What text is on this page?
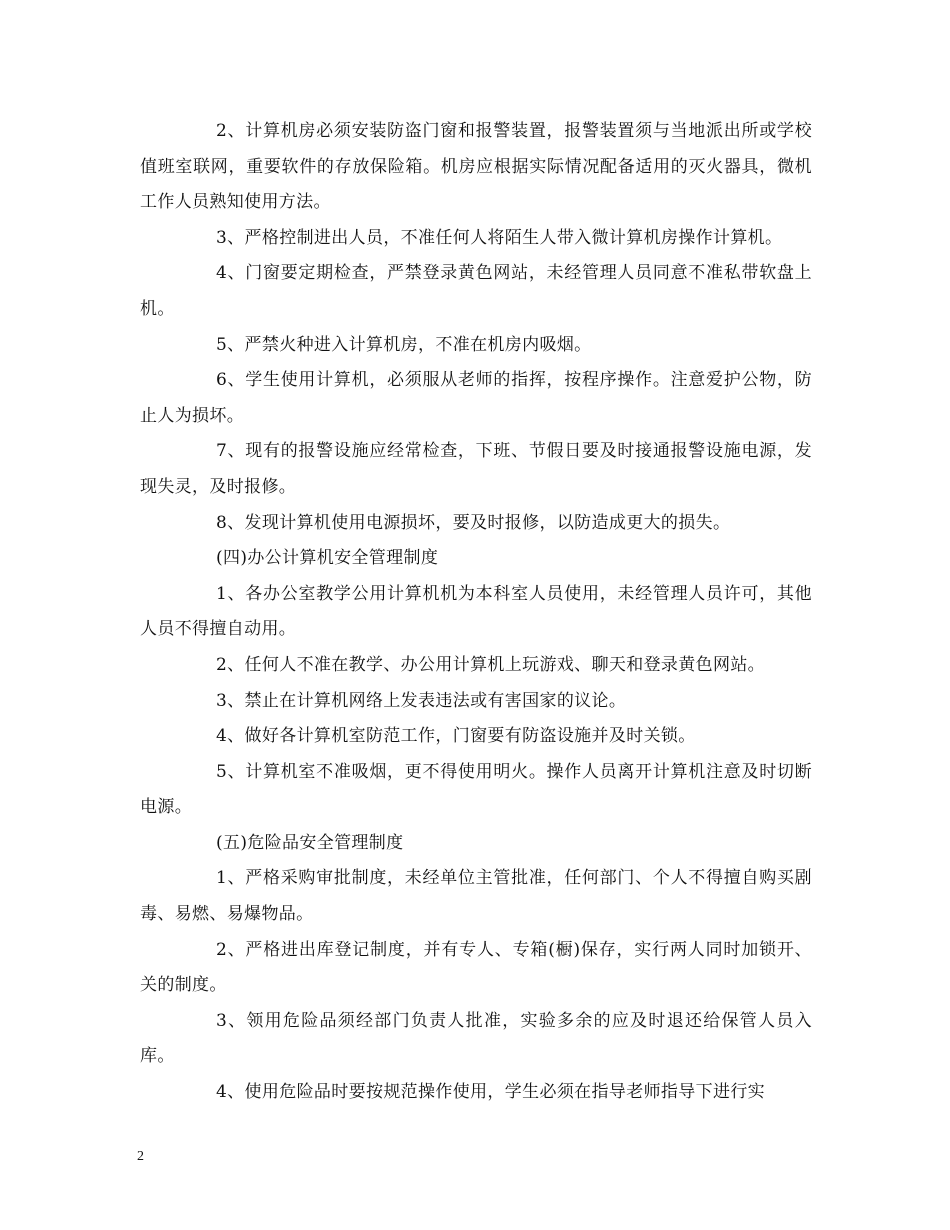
2、计算机房必须安装防盗门窗和报警装置，报警装置须与当地派出所或学校值班室联网，重要软件的存放保险箱。机房应根据实际情况配备适用的灭火器具，微机工作人员熟知使用方法。

3、严格控制进出人员，不准任何人将陌生人带入微计算机房操作计算机。

4、门窗要定期检查，严禁登录黄色网站，未经管理人员同意不准私带软盘上机。

5、严禁火种进入计算机房，不准在机房内吸烟。

6、学生使用计算机，必须服从老师的指挥，按程序操作。注意爱护公物，防止人为损坏。

7、现有的报警设施应经常检查，下班、节假日要及时接通报警设施电源，发现失灵，及时报修。

8、发现计算机使用电源损坏，要及时报修，以防造成更大的损失。

(四)办公计算机安全管理制度

1、各办公室教学公用计算机机为本科室人员使用，未经管理人员许可，其他人员不得擅自动用。

2、任何人不准在教学、办公用计算机上玩游戏、聊天和登录黄色网站。

3、禁止在计算机网络上发表违法或有害国家的议论。

4、做好各计算机室防范工作，门窗要有防盗设施并及时关锁。

5、计算机室不准吸烟，更不得使用明火。操作人员离开计算机注意及时切断电源。

(五)危险品安全管理制度

1、严格采购审批制度，未经单位主管批准，任何部门、个人不得擅自购买剧毒、易燃、易爆物品。

2、严格进出库登记制度，并有专人、专箱(橱)保存，实行两人同时加锁开、关的制度。

3、领用危险品须经部门负责人批准，实验多余的应及时退还给保管人员入库。

4、使用危险品时要按规范操作使用，学生必须在指导老师指导下进行实

2
